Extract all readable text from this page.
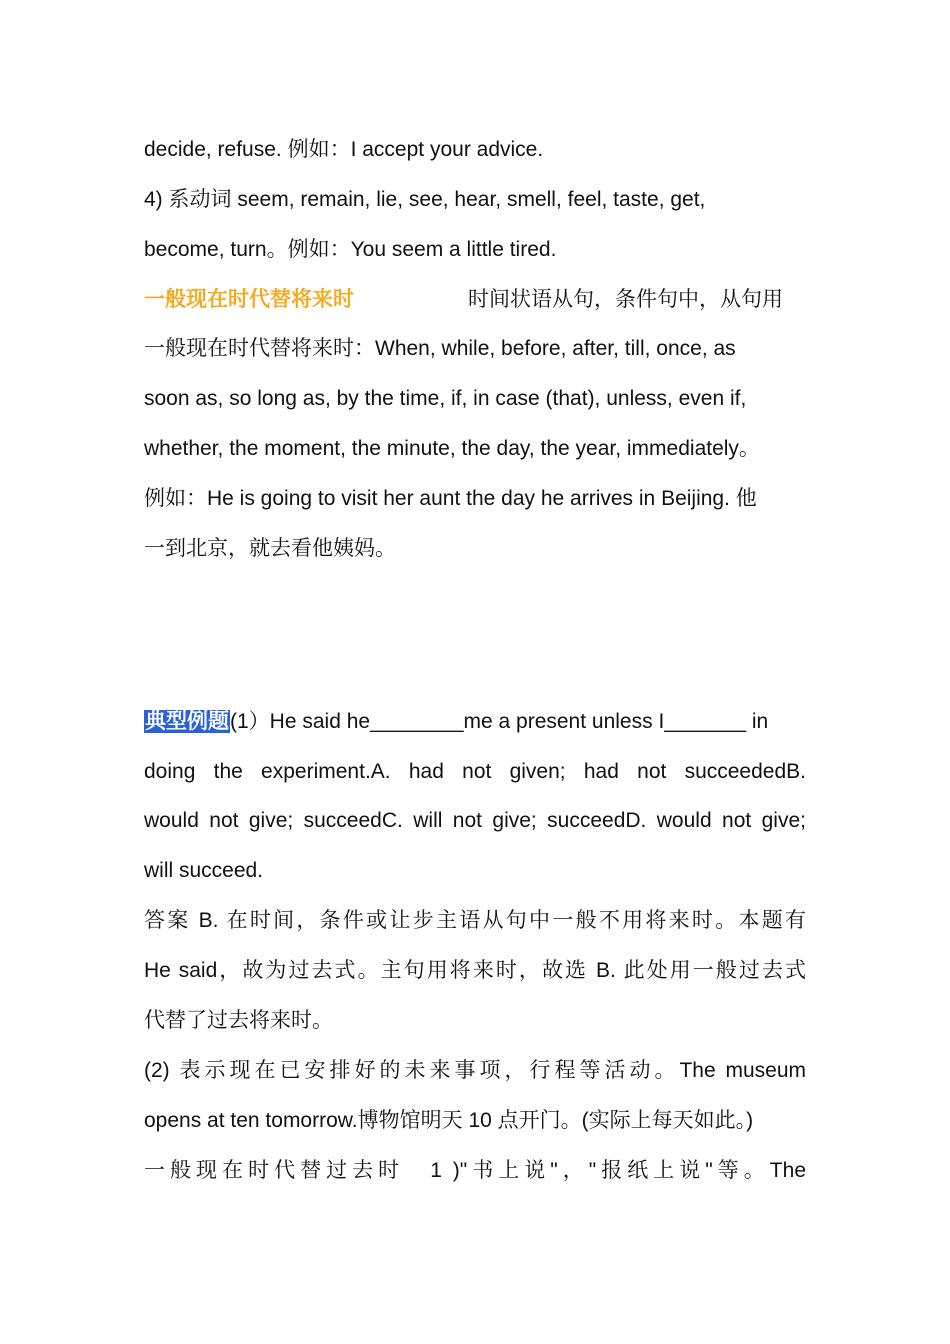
decide, refuse. 例如：I accept your advice.
4) 系动词 seem, remain, lie, see, hear, smell, feel, taste, get,
become, turn。例如：You seem a little tired.
一般现在时代替将来时	时间状语从句，条件句中，从句用
一般现在时代替将来时：When, while, before, after, till, once, as
soon as, so long as, by the time, if, in case (that), unless, even if,
whether, the moment, the minute, the day, the year, immediately。
例如：He is going to visit her aunt the day he arrives in Beijing. 他
一到北京，就去看他姨妈。
典型例题(1）He said he________me a present unless I_______ in
doing the experiment.A. had not given; had not succeededB.
would not give; succeedC. will not give; succeedD. would not give;
will succeed.
答案 B. 在时间，条件或让步主语从句中一般不用将来时。本题有
He said，故为过去式。主句用将来时，故选 B. 此处用一般过去式
代替了过去将来时。
(2) 表示现在已安排好的未来事项，行程等活动。The museum
opens at ten tomorrow.博物馆明天 10 点开门。(实际上每天如此。)
一般现在时代替过去时　1 )"书上说"，"报纸上说"等。The
